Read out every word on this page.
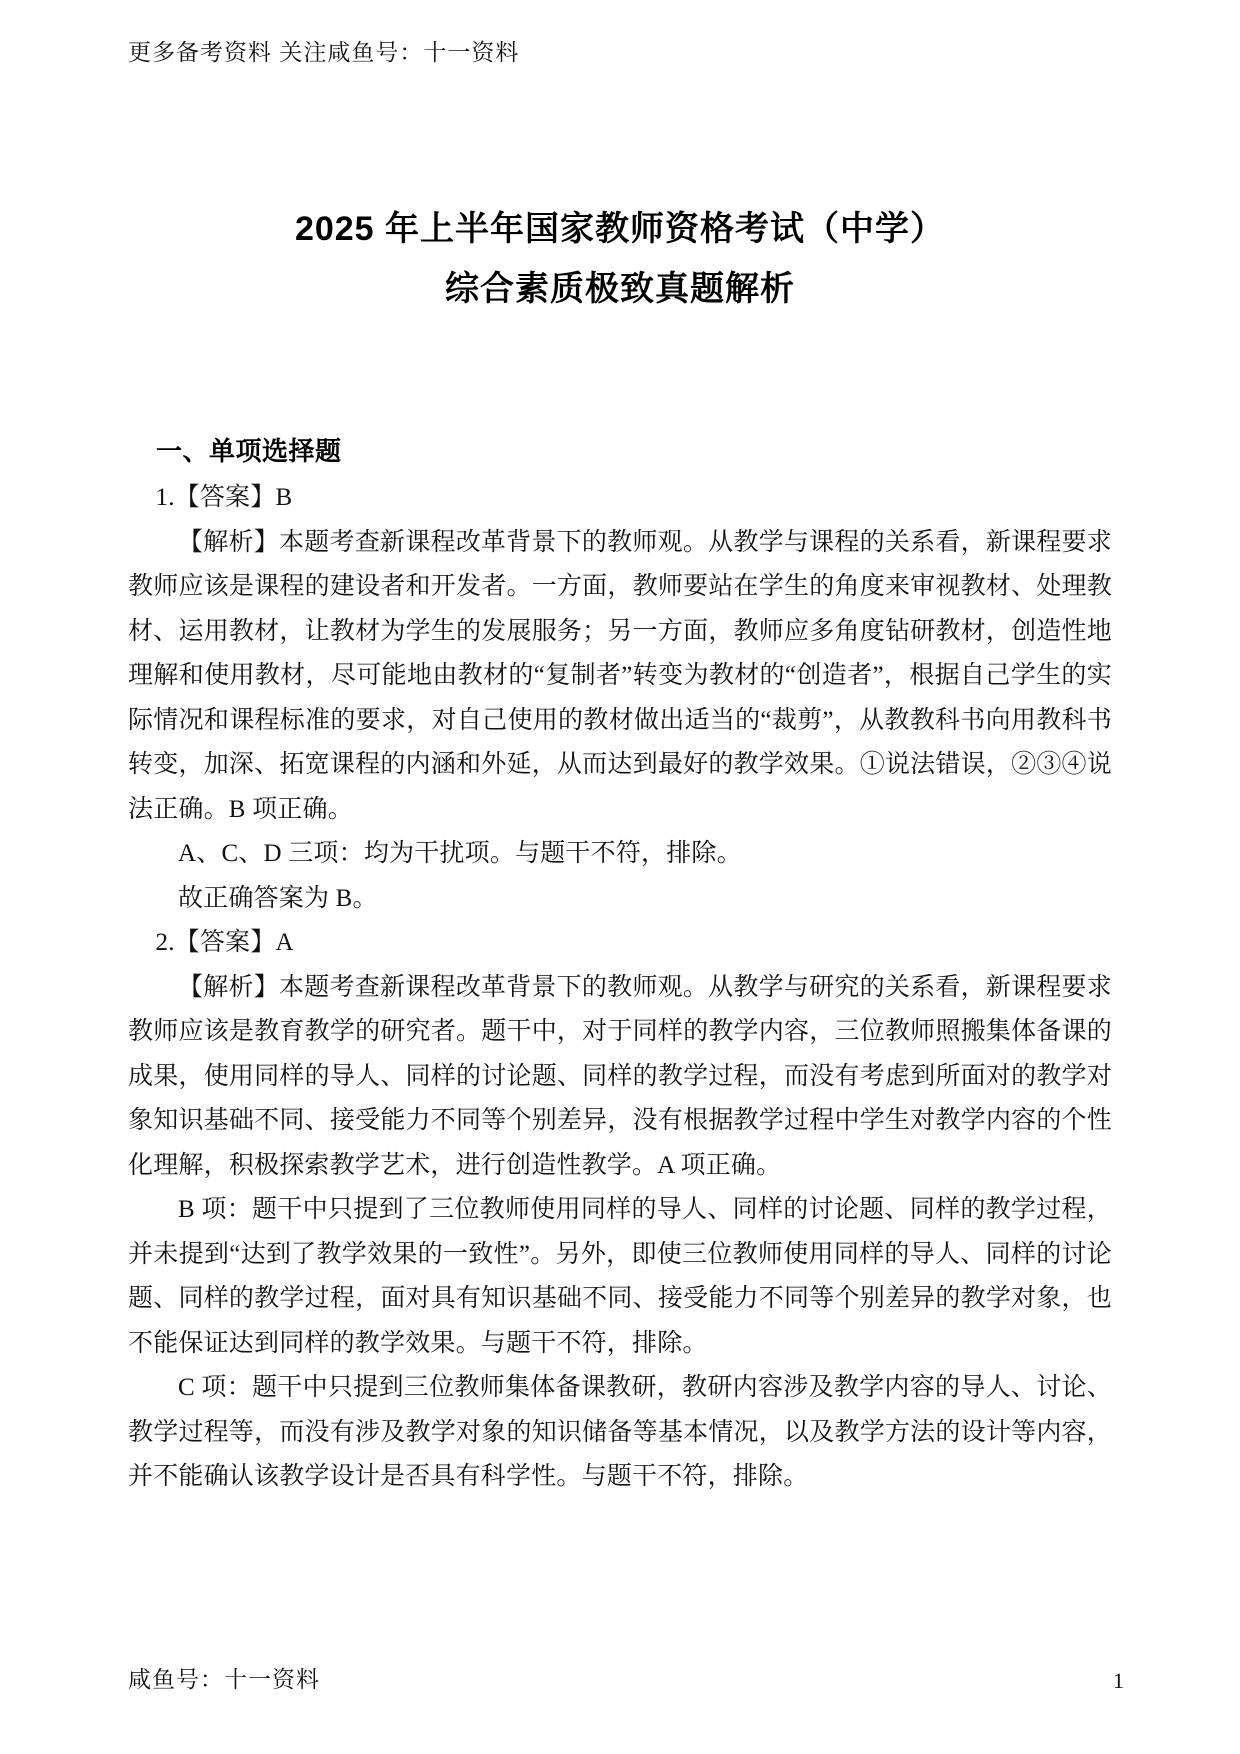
更多备考资料 关注咸鱼号：十一资料
2025 年上半年国家教师资格考试（中学）
综合素质极致真题解析
一、单项选择题

1.【答案】B

【解析】本题考查新课程改革背景下的教师观。从教学与课程的关系看，新课程要求教师应该是课程的建设者和开发者。一方面，教师要站在学生的角度来审视教材、处理教材、运用教材，让教材为学生的发展服务；另一方面，教师应多角度钻研教材，创造性地理解和使用教材，尽可能地由教材的“复制者”转变为教材的“创造者”，根据自己学生的实际情况和课程标准的要求，对自己使用的教材做出适当的“裁剪”，从教教科书向用教科书转变，加深、拓宽课程的内涵和外延，从而达到最好的教学效果。①说法错误，②③④说法正确。B 项正确。

A、C、D 三项：均为干扰项。与题干不符，排除。

故正确答案为 B。

2.【答案】A

【解析】本题考查新课程改革背景下的教师观。从教学与研究的关系看，新课程要求教师应该是教育教学的研究者。题干中，对于同样的教学内容，三位教师照搬集体备课的成果，使用同样的导人、同样的讨论题、同样的教学过程，而没有考虑到所面对的教学对象知识基础不同、接受能力不同等个别差异，没有根据教学过程中学生对教学内容的个性化理解，积极探索教学艺术，进行创造性教学。A 项正确。

B 项：题干中只提到了三位教师使用同样的导人、同样的讨论题、同样的教学过程，并未提到“达到了教学效果的一致性”。另外，即使三位教师使用同样的导人、同样的讨论题、同样的教学过程，面对具有知识基础不同、接受能力不同等个别差异的教学对象，也不能保证达到同样的教学效果。与题干不符，排除。

C 项：题干中只提到三位教师集体备课教研，教研内容涉及教学内容的导人、讨论、教学过程等，而没有涉及教学对象的知识储备等基本情况，以及教学方法的设计等内容，并不能确认该教学设计是否具有科学性。与题干不符，排除。

咸鱼号：十一资料	1
